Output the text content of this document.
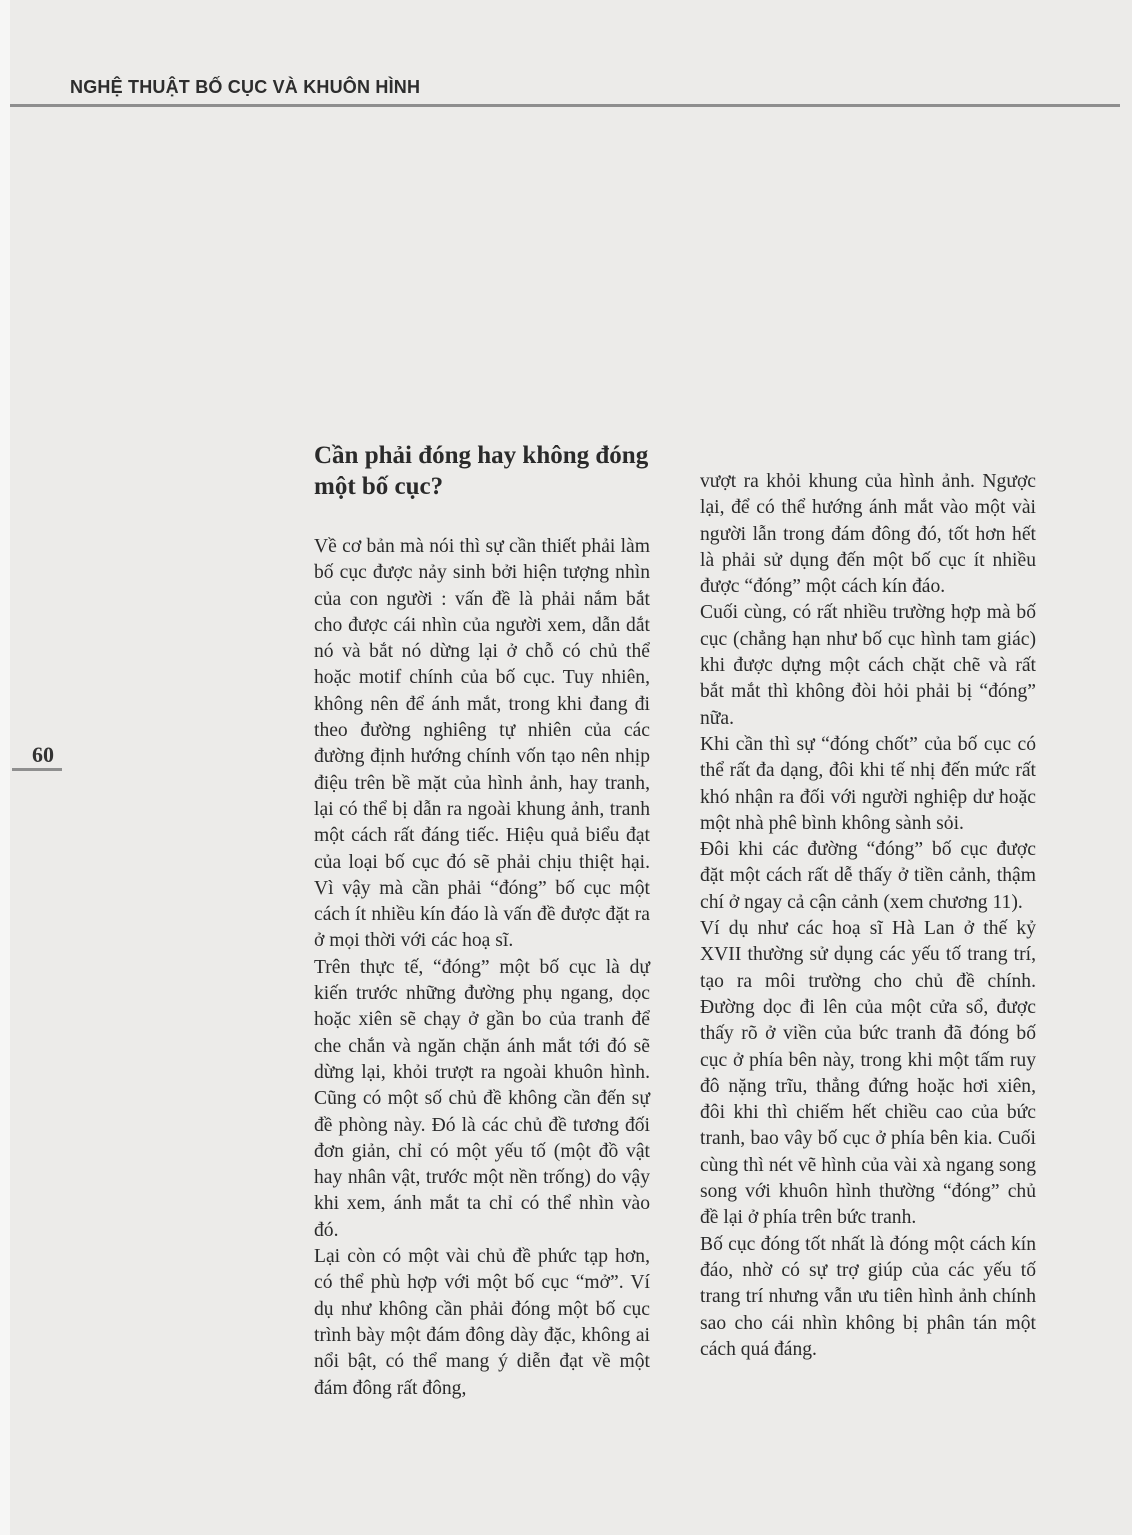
NGHỆ THUẬT BỐ CỤC VÀ KHUÔN HÌNH
60
Cần phải đóng hay không đóng một bố cục?

Về cơ bản mà nói thì sự cần thiết phải làm bố cục được nảy sinh bởi hiện tượng nhìn của con người : vấn đề là phải nắm bắt cho được cái nhìn của người xem, dẫn dắt nó và bắt nó dừng lại ở chỗ có chủ thể hoặc motif chính của bố cục. Tuy nhiên, không nên để ánh mắt, trong khi đang đi theo đường nghiêng tự nhiên của các đường định hướng chính vốn tạo nên nhịp điệu trên bề mặt của hình ảnh, hay tranh, lại có thể bị dẫn ra ngoài khung ảnh, tranh một cách rất đáng tiếc. Hiệu quả biểu đạt của loại bố cục đó sẽ phải chịu thiệt hại. Vì vậy mà cần phải “đóng” bố cục một cách ít nhiều kín đáo là vấn đề được đặt ra ở mọi thời với các hoạ sĩ.

Trên thực tế, “đóng” một bố cục là dự kiến trước những đường phụ ngang, dọc hoặc xiên sẽ chạy ở gần bo của tranh để che chắn và ngăn chặn ánh mắt tới đó sẽ dừng lại, khỏi trượt ra ngoài khuôn hình. Cũng có một số chủ đề không cần đến sự đề phòng này. Đó là các chủ đề tương đối đơn giản, chỉ có một yếu tố (một đồ vật hay nhân vật, trước một nền trống) do vậy khi xem, ánh mắt ta chỉ có thể nhìn vào đó.

Lại còn có một vài chủ đề phức tạp hơn, có thể phù hợp với một bố cục “mở”. Ví dụ như không cần phải đóng một bố cục trình bày một đám đông dày đặc, không ai nổi bật, có thể mang ý diễn đạt về một đám đông rất đông,

vượt ra khỏi khung của hình ảnh. Ngược lại, để có thể hướng ánh mắt vào một vài người lẫn trong đám đông đó, tốt hơn hết là phải sử dụng đến một bố cục ít nhiều được “đóng” một cách kín đáo.

Cuối cùng, có rất nhiều trường hợp mà bố cục (chẳng hạn như bố cục hình tam giác) khi được dựng một cách chặt chẽ và rất bắt mắt thì không đòi hỏi phải bị “đóng” nữa.

Khi cần thì sự “đóng chốt” của bố cục có thể rất đa dạng, đôi khi tế nhị đến mức rất khó nhận ra đối với người nghiệp dư hoặc một nhà phê bình không sành sỏi.

Đôi khi các đường “đóng” bố cục được đặt một cách rất dễ thấy ở tiền cảnh, thậm chí ở ngay cả cận cảnh (xem chương 11).

Ví dụ như các hoạ sĩ Hà Lan ở thế kỷ XVII thường sử dụng các yếu tố trang trí, tạo ra môi trường cho chủ đề chính. Đường dọc đi lên của một cửa sổ, được thấy rõ ở viền của bức tranh đã đóng bố cục ở phía bên này, trong khi một tấm ruy đô nặng trĩu, thẳng đứng hoặc hơi xiên, đôi khi thì chiếm hết chiều cao của bức tranh, bao vây bố cục ở phía bên kia. Cuối cùng thì nét vẽ hình của vài xà ngang song song với khuôn hình thường “đóng” chủ đề lại ở phía trên bức tranh.

Bố cục đóng tốt nhất là đóng một cách kín đáo, nhờ có sự trợ giúp của các yếu tố trang trí nhưng vẫn ưu tiên hình ảnh chính sao cho cái nhìn không bị phân tán một cách quá đáng.
